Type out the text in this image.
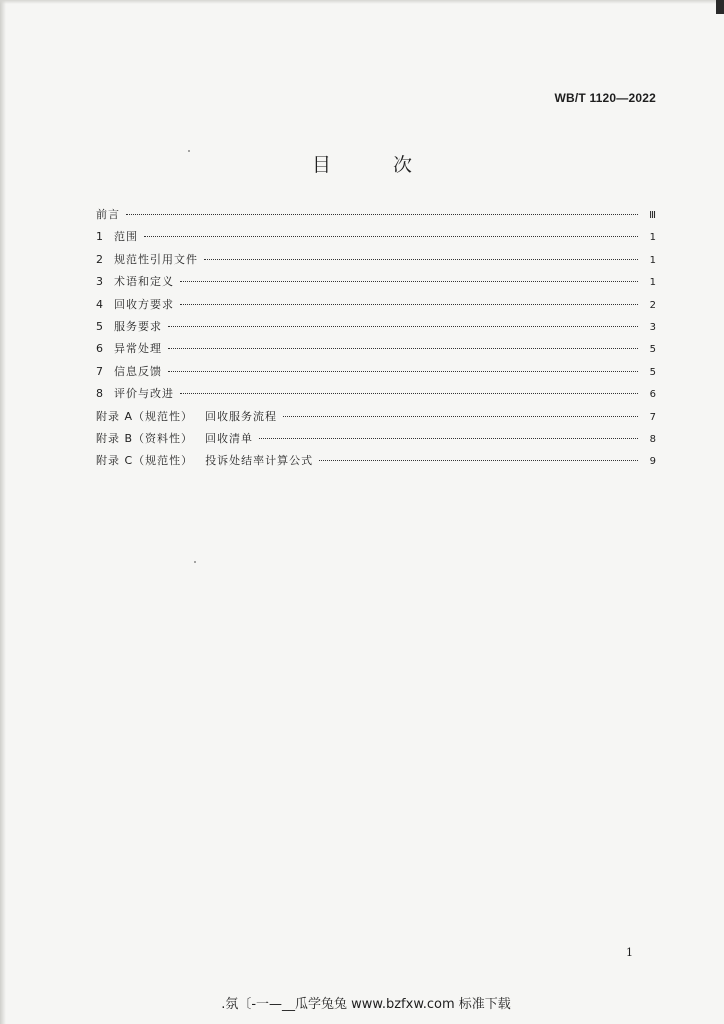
WB/T 1120—2022
目 次
前言	Ⅲ
1	范围	1
2	规范性引用文件	1
3	术语和定义	1
4	回收方要求	2
5	服务要求	3
6	异常处理	5
7	信息反馈	5
8	评价与改进	6
附录 A（规范性） 回收服务流程	7
附录 B（资料性） 回收清单	8
附录 C（规范性） 投诉处结率计算公式	9
1
.氛〔-一—__瓜学兔兔 www.bzfxw.com 标准下载
